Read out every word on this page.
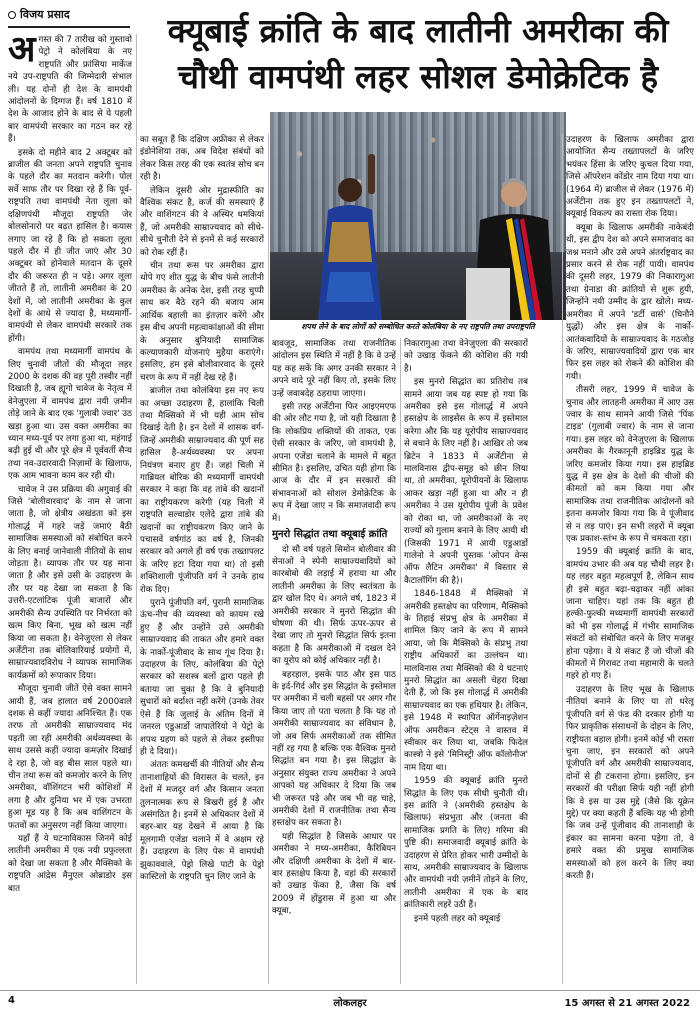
विजय प्रसाद	क्यूबाई क्रांति के बाद लातीनी अमरीका की
चौथी वामपंथी लहर सोशल डेमोक्रेटिक है
अ गस्त की 7 तारीख को गुस्तावो पेट्रो ने कोलंबिया के नए राष्ट्रपति और फ्रांसिया मार्केज नये उप-राष्ट्रपति की जिम्मेदारी संभाल ली। यह दोनों ही देश के वामपंथी आंदोलनों के दिग्गज हैं। वर्ष 1810 में देश के आजाद होने के बाद से ये पहली बार वामपंथी सरकार का गठन कर रहे हैं।

इसके दो महीने बाद 2 अक्टूबर को ब्राजील की जनता अपने राष्ट्रपति चुनाव के पहले दौर का मतदान करेगी। पोल सर्वे साफ तौर पर दिखा रहे हैं कि पूर्व-राष्ट्रपति तथा वामपंथी नेता लूला को दक्षिणपंथी मौजूदा राष्ट्रपति जेर बोलसोनारो पर बढ़त हासिल है। कयास लगाए जा रहे हैं कि हो सकता लूला पहले दौर में ही जीत जाएं और 30 अक्टूबर को होनेवाले मतदान के दूसरे दौर की जरूरत ही न पड़े। अगर लूला जीतते हैं तो, लातीनी अमरीका के 20 देशों में, जो लातीनी अमरीका के कुल देशों के आधे से ज्यादा है, मध्यमार्गी-वामपंथी से लेकर वामपंथी सरकारें तक होंगी।

वामपंथ तथा मध्यमार्गी वामपंथ के लिए चुनावी जीतों की मौजूदा लहर 2000 के दशक की वह पूरी तस्वीर नहीं दिखाती है, जब ह्यूगो चावेज के नेतृत्व में वेनेजुएला में वामपंथ द्वारा नयी ज़मीन तोड़े जाने के बाद एक 'गुलाबी ज्वार' उठ खड़ा हुआ था। उस वक्त अमरीका का ध्यान मध्य-पूर्व पर लगा हुआ था, महंगाई बढ़ी हुई थी और पूरे क्षेत्र में पूर्ववर्ती सैन्य तथा नव-उदारवादी निज़ामों के खिलाफ, एक आम भावना काम कर रही थी।

चावेज ने उस प्रक्रिया की अगुवाई की जिसे 'बोलीवारवाद' के नाम से जाना जाता है, जो क्षेत्रीय अखंडता को इस गोलार्द्ध में गहरे जड़ें जमाएं बैठी सामाजिक समस्याओं को संबोधित करने के लिए बनाई जानेवाली नीतियों के साथ जोड़ता है। व्यापक तौर पर यह माना जाता है और इसे उसी के उदाहरण के तौर पर यह देखा जा सकता है कि उत्तरी-एटलांटिक पूंजी बाजारों और अमरीकी सैन्य उपस्थिति पर निर्भरता को खत्म किए बिना, भूख को खत्म नहीं किया जा सकता है। वेनेजुएला से लेकर अर्जेंटीना तक बोलिवारियाई प्रयोगों में, साम्राज्यवादविरोध ने व्यापक सामाजिक कार्यक्रमों को रूपाकार दिया।

मौजूदा चुनावी जीतें ऐसे वक्त सामने आयी हैं, जब हालात वर्ष 2000वाले दशक से कहीं ज्यादा अनिश्चित हैं। एक तरफ तो अमरीकी साम्राज्यवाद मंद पड़ती जा रही अमरीकी अर्थव्यवस्था के साथ उससे कहीं ज्यादा कमज़ोर दिखाई दे रहा है, जो वह बीस साल पहले था। चीन तथा रूस को कमजोर करने के लिए अमरीका, वॉशिंगटन भरी कोशिशों में लगा है और दुनिया भर में एक उभरता हुआ मूड यह है कि अब वाशिंगटन के फतवों का अनुसरण नहीं किया जाएगा।

यहाँ हैं ये घटनाविकास जिनमें कोई लातीनी अमरीका में एक नयी प्रफुल्लता को देखा जा सकता है और मैक्सिको के राष्ट्रपति आंद्रेस मैनुएल ओब्राडोर इस बात

का सबूत हैं कि दक्षिण अफ्रीका से लेकर इंडोनेशिया तक, अब विदेश संबंधों को लेकर किस तरह की एक स्वतंत्र सोच बन रही है।

लेकिन दूसरी ओर मुद्रास्फीति का वैश्विक संकट है, कर्ज की समस्याएं हैं और वाशिंगटन की वे अस्थिर धमकियां हैं, जो अमरीकी साम्राज्यवाद को सीधे-सीधे चुनौती देने से इनमें से कई सरकारों को रोक रहीं हैं।

चीन तथा रूस पर अमरीका द्वारा थोपे गए शीत युद्ध के बीच फंसे लातीनी अमरीका के अनेक देश, इसी तरह चुप्पी साध कर बैठे रहने की बजाय आम आर्थिक बहाली का इंतज़ार करेंगे और इस बीच अपनी महत्वाकांक्षाओं की सीमा के अनुसार बुनियादी सामाजिक कल्याणकारी योजनाएं मुहैया कराएंगे। इसलिए, हम इसे बोलीवारवाद के दूसरे चरण के रूप में नहीं देख रहे हैं।

ब्राजील तथा कोलंबिया इस नए रूप का अच्छा उदाहरण हैं, हालांकि चिली तथा मैक्सिको में भी यही आम सोच दिखाई देती है। इन देशों में शासक वर्ग-जिन्हें अमरीकी साम्राज्यवाद की पूर्ण सह हासिल है-अर्थव्यवस्था पर अपना नियंत्रण बनाए हुए हैं। जहां चिली में गाब्रियल बोरिक की मध्यमार्गी वामपंथी सरकार ने कहा कि वह तांबे की खदानों का राष्ट्रीयकरण करेगी (यह चिली में राष्ट्रपति सल्वाडोर एलेंदे द्वारा तांबे की खदानों का राष्ट्रीयकरण किए जाने के पचासवें वर्षगांठ का वर्ष है, जिनकी सरकार को अगले ही वर्ष एक तख्तापलट के जरिए हटा दिया गया था) तो इसी शक्तिशाली पूंजीपति वर्ग ने उनके हाथ रोक दिए।

पुराने पूंजीपति वर्ग, पुरानी सामाजिक ऊंच-नीच की व्यवस्था को कायम रखे हुए हैं और उन्होंने उसे अमरीकी साम्राज्यवाद की ताकत और हमारे वक्त के नार्को-पूंजीवाद के साथ गूंथ दिया है। उदाहरण के लिए, कोलंबिया की पेट्रो सरकार को सशस्त्र बलों द्वारा पहले ही बताया जा चुका है कि वे बुनियादी सुधारों को बर्दाश्त नहीं करेंगे (उनके तेवर ऐसे हैं कि जुलाई के अंतिम दिनों में जनरल एडुआर्डो जापातेरियो ने पेट्रो के शपथ ग्रहण को पहले से लेकर इस्तीफा ही दे दिया)।

अंततः कमखर्ची की नीतियों और सैन्य तानाशाहियों की विरासत के चलते, इन देशों में मजदूर वर्ग और किसान जनता तुलनात्मक रूप से बिखरी हुई है और असंगठित है। इनमें से अधिकतर देशों में बहर-बार यह देखने में आया है कि मूलगामी एजेंडा चलाने में वे अक्षम रहे हैं। उदाहरण के लिए पेरू में वामपंथी झुकाववाले, पेड्रो लिखे पाटी के पेड्रो कास्टिलो के राष्ट्रपति चुन लिए जाने के

शपथ लेने के बाद लोगों को सम्बोधित करते कोलंबिया के नए राष्ट्रपति तथा उपराष्ट्रपति

बावजूद, सामाजिक तथा राजनीतिक आंदोलन इस स्थिति में नहीं है कि वे उन्हें यह कह सकें कि अगर उनकी सरकार ने अपने वादे पूरे नहीं किए तो, इसके लिए उन्हें जवाबदेह ठहराया जाएगा।

इसी तरह अर्जेंटीना फिर आइएमएफ की ओर लौट गया है, जो यही दिखाता है कि लोकप्रिय शक्तियों की ताकत, एक ऐसी सरकार के जरिए, जो वामपंथी है, अपना एजेंडा चलाने के मामले में बहुत सीमित है। इसलिए, उचित यही होगा कि आज के दौर में इन सरकारों की संभावनाओं को सोशल डेमोक्रेटिक के रूप में देखा जाए न कि समाजवादी रूप में।

मुनरो सिद्धांत तथा क्यूबाई क्रांति

दो सौ वर्ष पहले सिमोन बोलीवार की सेनाओं ने स्पेनी साम्राज्यवादियों को कारबोबो की लड़ाई में हराया था और लातीनी अमरीका के लिए स्वतंत्रता के द्वार खोल दिए थे। अगले वर्ष, 1823 में अमरीकी सरकार ने मुनरो सिद्धांत की घोषणा की थी। सिर्फ ऊपर-ऊपर से देखा जाए तो मुनरो सिद्धांत सिर्फ इतना कहता है कि अमरीकाओं में दखल देने का यूरोप को कोई अधिकार नहीं है।

बहरहाल, इसके पाठ और इस पाठ के इर्द-गिर्द और इस सिद्धांत के इस्तेमाल पर अमरीका में चली बहसों पर अगर गौर किया जाए तो पता चलता है कि यह तो अमरीकी साम्राज्यवाद का संविधान है, जो अब सिर्फ अमरीकाओं तक सीमित नहीं रह गया है बल्कि एक वैश्विक मुनरो सिद्धांत बन गया है। इस सिद्धांत के अनुसार संयुक्त राज्य अमरीका ने अपने आपको यह अधिकार दे दिया कि जब भी जरूरत पड़े और जब भी वह चाहे, अमरीकी देशों में राजनीतिक तथा सैन्य हस्तक्षेप कर सकता है।

यही सिद्धांत है जिसके आधार पर अमरीका ने मध्य-अमरीका, कैरिबियन और दक्षिणी अमरीका के देशों में बार-बार हस्तक्षेप किया है, वहां की सरकारों को उखाड़ फेंका है, जैसा कि वर्ष 2009 में होंडुरास में हुआ था और क्यूबा,

निकारागुआ तथा वेनेजुएला की सरकारों को उखाड़ फेंकने की कोशिश की गयी है।

इस मुनरो सिद्धांत का प्रतिरोध तब सामने आया जब यह स्पष्ट हो गया कि अमरीका इसे इस गोलार्द्ध में अपने हस्तक्षेप के लाइसेंस के रूप में इस्तेमाल करेगा और कि यह यूरोपीय साम्राज्यवाद से बचाने के लिए नहीं है। आखिर तो जब ब्रिटेन ने 1833 में अर्जेंटीना से मालविनास द्वीप-समूह को छीन लिया था, तो अमरीका, यूरोपीयनों के खिलाफ आकर खड़ा नहीं हुआ था और न ही अमरीका ने उस यूरोपीय पूंजी के प्रवेश को रोका था, जो अमरीकाओं के नए राज्यों को गुलाम बनाने के लिए आयी थी (जिसकी 1971 में आयी एडुआर्डो गालेनो ने अपनी पुस्तक 'ओपन वेन्स ऑफ लैटिन अमरीका' में विस्तार से कैटालॉगिंग की है)।

1846-1848 में मैक्सिको में अमरीकी हस्तक्षेप का परिणाम, मैक्सिको के तिहाई संप्रभु क्षेत्र के अमरीका में शामिल किए जाने के रूप में सामने आया, जो कि मैक्सिको के संप्रभु तथा राष्ट्रीय अधिकारों का उल्लंघन था। मालविनास तथा मैक्सिको की ये घटनाएं मुनरो सिद्धांत का असली चेहरा दिखा देती हैं, जो कि इस गोलार्द्ध में अमरीकी साम्राज्यवाद का एक हथियार है। लेकिन, इसे 1948 में स्थापित ऑर्गेनाइज़ेशन ऑफ अमरीकन स्टेट्स ने वास्तव में स्वीकार कर लिया था, जबकि फिदेल कास्त्रो ने इसे 'मिनिस्ट्री ऑफ कॉलोनीज' नाम दिया था।

1959 की क्यूबाई क्रांति मुनरो सिद्धांत के लिए एक सीधी चुनौती थी। इस क्रांति ने (अमरीकी हस्तक्षेप के खिलाफ) संप्रभुता और (जनता की सामाजिक प्रगति के लिए) गरिमा की पुष्टि की। समाजवादी क्यूबाई क्रांति के उदाहरण से प्रेरित होकर भारी उम्मीदों के साथ, अमरीकी साम्राज्यवाद के खिलाफ और वामपंथी नयी ज़मीनें तोड़ने के लिए, लातीनी अमरीका में एक के बाद क्रांतिकारी लहरें उठी हैं।

इनमें पहली लहर को क्यूबाई

उदाहरण के खिलाफ अमरीका द्वारा आयोजित सैन्य तख्तापलटों के जरिए भयंकर हिंसा के जरिए कुचल दिया गया, जिसे ऑपरेशन कोंडोर नाम दिया गया था। (1964 में) ब्राजील से लेकर (1976 में) अर्जेंटीना तक हुए इन तख्तापलटों ने, क्यूबाई विकल्प का रास्ता रोक दिया।

क्यूबा के खिलाफ अमरीकी नाकेबंदी थी, इस द्वीप देश को अपने समाजवाद का जश्न मनाने और उसे अपने अंतर्राष्ट्रवाद का प्रसार करने से रोक नहीं पायी। वामपंथ की दूसरी लहर, 1979 की निकारागुआ तथा ग्रेनाडा की क्रांतियों से शुरू हुयी, जिन्होंने नयी उम्मीद के द्वार खोले। मध्य-अमरीका में अपने 'डर्टी वार्स' (घिनौने युद्धों) और इस क्षेत्र के नार्को-आतंकवादियों के साम्राज्यवाद के गठजोड़ के जरिए, साम्राज्यवादियों द्वारा एक बार फिर इस लहर को रोकने की कोशिश की गयी।

तीसरी लहर, 1999 में चावेज के चुनाव और लातहनी अमरीका में आए उस ज्वार के साथ सामने आयी जिसे 'पिंक टाइड' (गुलाबी ज्वार) के नाम से जाना गया। इस लहर को वेनेजुएला के खिलाफ अमरीका के गैरकानूनी हाइब्रिड युद्ध के जरिए कमजोर किया गया। इस हाइब्रिड युद्ध में इस क्षेत्र के देशों की चीजों की कीमतों को कम किया गया और सामाजिक तथा राजनीतिक आंदोलनों को इतना कमजोर किया गया कि वे पूंजीवाद से न लड़ पाएं। इन सभी लहरों में क्यूबा एक प्रकाश-स्तंभ के रूप में चमकता रहा।

1959 की क्यूबाई क्रांति के बाद, वामपंथ उभार की अब यह चौथी लहर है। यह लहर बहुत महत्वपूर्ण है, लेकिन साथ ही इसे बहुत बढ़ा-चढ़ाकर नहीं आंका जाना चाहिए। यहां तक कि बहुत ही हल्की-फुल्की मध्यमार्गी वामपंथी सरकारों को भी इस गोलार्द्ध में गंभीर सामाजिक संकटों को संबोधित करने के लिए मजबूर होना पड़ेगा। वे ये संकट हैं जो चीजों की कीमतों में गिरावट तथा महामारी के चलते गहरे हो गए हैं।

उदाहरण के लिए भूख के खिलाफ नीतियां बनाने के लिए या तो धरेलू पूंजीपति वर्ग से फंड की दरकार होगी या फिर प्राकृतिक संसाधनों के दोहन के लिए, राष्ट्रीयता बहाल होगी। इनमें कोई भी रास्ता चुना जाए, इन सरकारों को अपने पूंजीपति वर्ग और अमरीकी साम्राज्यवाद, दोनों से ही टकराना होगा। इसलिए, इन सरकारों की परीक्षा सिर्फ यही नहीं होगी कि वे इस या उस मुद्दे (जैसे कि यूक्रेन मुद्दे) पर क्या कहती हैं बल्कि यह भी होगी कि जब उन्हें पूंजीवाद की तानाशाही के इंकार का सामना करना पड़ेगा तो, वे हमारे वक्त की प्रमुख सामाजिक समस्याओं को हल करने के लिए क्या करती हैं।

4	लोकलहर	15 अगस्त से 21 अगस्त 2022
